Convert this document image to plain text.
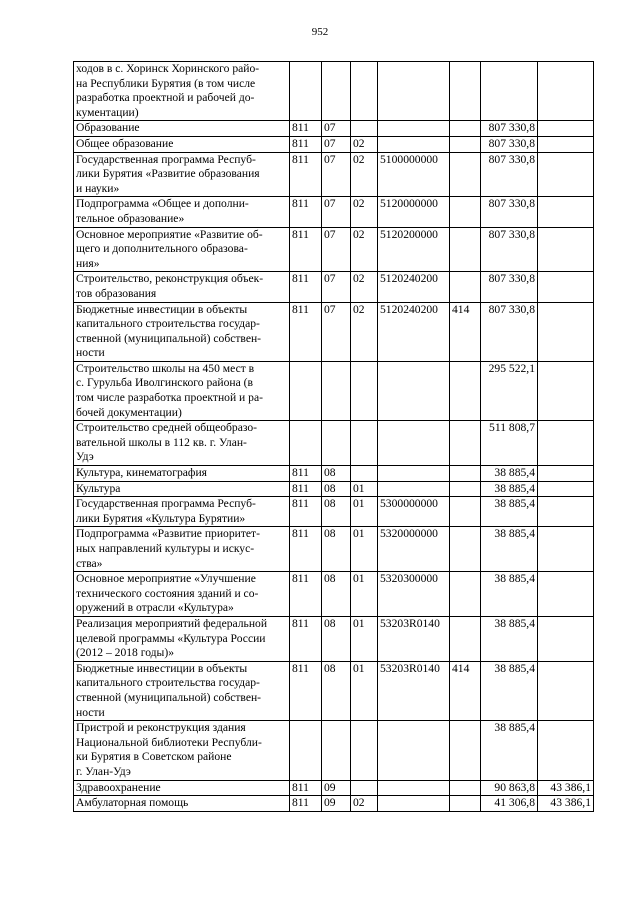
952
ходов в с. Хоринск Хоринского райо-
на Республики Бурятия (в том числе
разработка проектной и рабочей до-
кументации)							

Образование	811	07				807 330,8	

Общее образование	811	07	02			807 330,8	

Государственная программа Респуб-
лики Бурятия «Развитие образования
и науки»	811	07	02	5100000000		807 330,8	

Подпрограмма «Общее и дополни-
тельное образование»	811	07	02	5120000000		807 330,8	

Основное мероприятие «Развитие об-
щего и дополнительного образова-
ния»	811	07	02	5120200000		807 330,8	

Строительство, реконструкция объек-
тов образования	811	07	02	5120240200		807 330,8	

Бюджетные инвестиции в объекты
капитального строительства государ-
ственной (муниципальной) собствен-
ности	811	07	02	5120240200	414	807 330,8	

Строительство школы на 450 мест в
с. Гурульба Иволгинского района (в
том числе разработка проектной и ра-
бочей документации)						295 522,1	

Строительство средней общеобразо-
вательной школы в 112 кв. г. Улан-
Удэ						511 808,7	

Культура, кинематография	811	08				38 885,4	

Культура	811	08	01			38 885,4	

Государственная программа Респуб-
лики Бурятия «Культура Бурятии»	811	08	01	5300000000		38 885,4	

Подпрограмма «Развитие приоритет-
ных направлений культуры и искус-
ства»	811	08	01	5320000000		38 885,4	

Основное мероприятие «Улучшение
технического состояния зданий и со-
оружений в отрасли «Культура»	811	08	01	5320300000		38 885,4	

Реализация мероприятий федеральной
целевой программы «Культура России
(2012 – 2018 годы)»	811	08	01	53203R0140		38 885,4	

Бюджетные инвестиции в объекты
капитального строительства государ-
ственной (муниципальной) собствен-
ности	811	08	01	53203R0140	414	38 885,4	

Пристрой и реконструкция здания
Национальной библиотеки Республи-
ки Бурятия в Советском районе
г. Улан-Удэ						38 885,4	

Здравоохранение	811	09				90 863,8	43 386,1

Амбулаторная помощь	811	09	02			41 306,8	43 386,1
